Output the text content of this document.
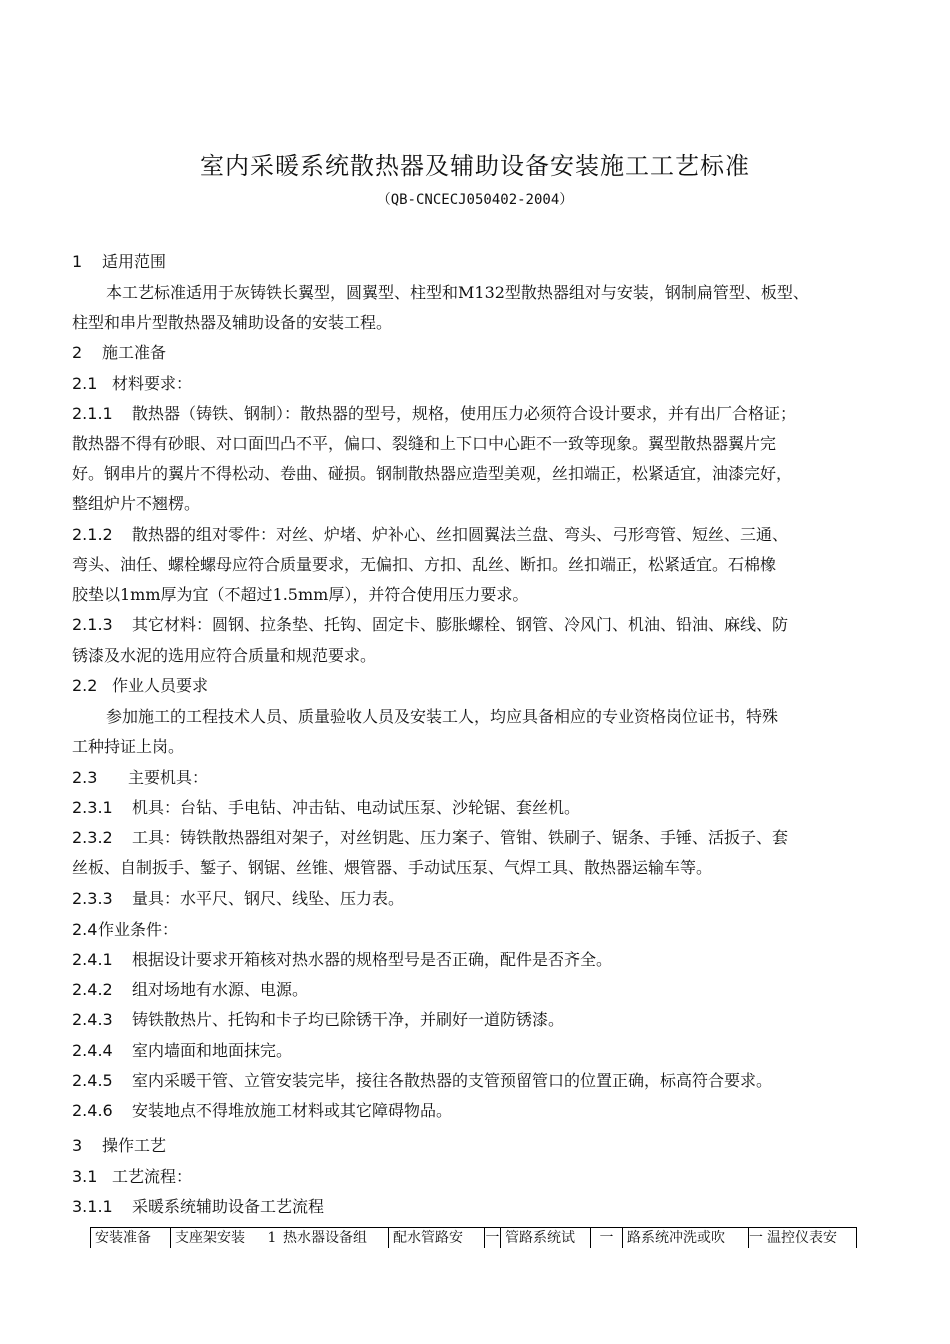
室内采暖系统散热器及辅助设备安装施工工艺标准
（QB-CNCECJ050402-2004）
1 适用范围
本工艺标准适用于灰铸铁长翼型，圆翼型、柱型和M132型散热器组对与安装，钢制扁管型、板型、
柱型和串片型散热器及辅助设备的安装工程。
2 施工准备
2.1 材料要求：
2.1.1 散热器（铸铁、钢制）：散热器的型号，规格，使用压力必须符合设计要求，并有出厂合格证；
散热器不得有砂眼、对口面凹凸不平，偏口、裂缝和上下口中心距不一致等现象。翼型散热器翼片完
好。钢串片的翼片不得松动、卷曲、碰损。钢制散热器应造型美观，丝扣端正，松紧适宜，油漆完好，
整组炉片不翘楞。
2.1.2 散热器的组对零件：对丝、炉堵、炉补心、丝扣圆翼法兰盘、弯头、弓形弯管、短丝、三通、
弯头、油任、螺栓螺母应符合质量要求，无偏扣、方扣、乱丝、断扣。丝扣端正，松紧适宜。石棉橡
胶垫以1mm厚为宜（不超过1.5mm厚），并符合使用压力要求。
2.1.3 其它材料：圆钢、拉条垫、托钩、固定卡、膨胀螺栓、钢管、冷风门、机油、铅油、麻线、防
锈漆及水泥的选用应符合质量和规范要求。
2.2 作业人员要求
参加施工的工程技术人员、质量验收人员及安装工人，均应具备相应的专业资格岗位证书，特殊
工种持证上岗。
2.3 主要机具：
2.3.1 机具：台钻、手电钻、冲击钻、电动试压泵、沙轮锯、套丝机。
2.3.2 工具：铸铁散热器组对架子，对丝钥匙、压力案子、管钳、铁刷子、锯条、手锤、活扳子、套
丝板、自制扳手、錾子、钢锯、丝锥、煨管器、手动试压泵、气焊工具、散热器运输车等。
2.3.3 量具：水平尺、钢尺、线坠、压力表。
2.4作业条件：
2.4.1 根据设计要求开箱核对热水器的规格型号是否正确，配件是否齐全。
2.4.2 组对场地有水源、电源。
2.4.3 铸铁散热片、托钩和卡子均已除锈干净，并刷好一道防锈漆。
2.4.4 室内墙面和地面抹完。
2.4.5 室内采暖干管、立管安装完毕，接往各散热器的支管预留管口的位置正确，标高符合要求。
2.4.6 安装地点不得堆放施工材料或其它障碍物品。
3 操作工艺
3.1 工艺流程：
3.1.1 采暖系统辅助设备工艺流程
安装准备	支座架安装	1 热水器设备组	配水管路安	一 管路系统试	一 路系统冲洗或吹	一 温控仪表安
